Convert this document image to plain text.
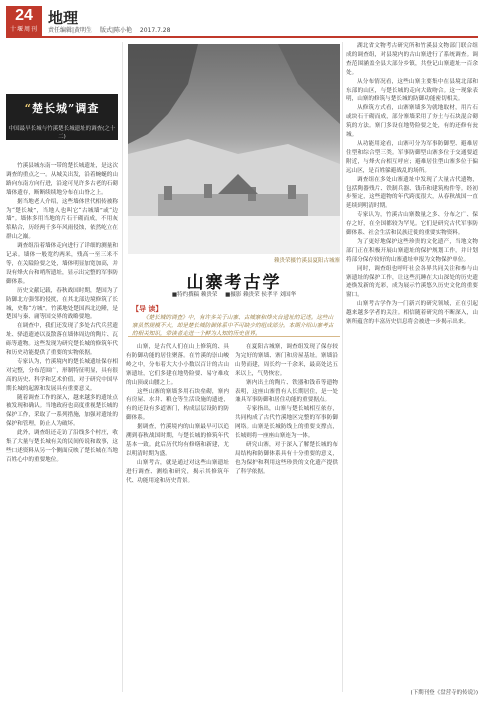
24
十堰周刊
地理
责任编辑|黄明生 版式|陈小艳 2017.7.28
“楚长城”调查
中国最早长城与竹溪楚长城遗址的调查(之十二)

竹溪县城东南一带的楚长城遗址，是这次调查的重点之一。从城关出发，沿着蜿蜒的山路向东南方向行进，沿途可见许多古老的石砌墙体遗存，断断续续地分布在山脊之上。

据当地老人介绍，这些墙体世代相传被称为“楚长城”，当地人也叫它“古城墙”或“边墙”。墙体多用当地的片石干砌而成，不用灰浆粘合，历经两千多年风雨侵蚀，依然屹立在群山之巅。

调查组沿着墙体走向进行了详细的测量和记录。墙体一般宽约两米，残高一至三米不等，在关隘险要之处，墙体明显加宽加高，并设有烽火台和哨所遗址，显示出完整的军事防御体系。

历史文献记载，春秋战国时期，楚国为了防御北方强邻的侵扰，在其北部边境修筑了长城，史称“方城”。竹溪地处楚国西北边陲，是楚国与秦、庸等国交界的战略要地。

在调查中，我们还发现了多处古代兵营遗址、驿道遗迹以及散落在墙体周边的陶片、瓦砾等遗物。这些发现为研究楚长城的修筑年代和历史功能提供了重要的实物依据。

专家认为，竹溪境内的楚长城遗址保存相对完整，分布范围广，形制特征明显，具有很高的历史、科学和艺术价值，对于研究中国早期长城的起源和发展具有重要意义。

随着调查工作的深入，越来越多的遗址点被发现和确认。当地政府也高度重视楚长城的保护工作，采取了一系列措施，加强对遗址的保护和管理，防止人为破坏。

此外，调查组还走访了沿线多个村庄，收集了大量与楚长城有关的民间传说和故事，这些口述资料从另一个侧面反映了楚长城在当地百姓心中的重要地位。

赖贵荣摄竹溪县夏阳古城寨
山寨考古学
■特约撰稿 赖贵荣 ■摄影 赖贵荣 侯孝平 刘国华
【导 读】
《楚长城的调查》中，有许多关于山寨、古城寨和烽火台遗址的记述。这些山寨虽然规模不大，却是楚长城防御体系中不可缺少的组成部分。本期介绍山寨考古的相关知识，带读者走进一个鲜为人知的历史世界。

山寨，是古代人们在山上修筑的、具有防御功能的居住聚落。在竹溪的崇山峻岭之中，分布着大大小小数以百计的古山寨遗址，它们多建在地势险要、易守难攻的山顶或山腰之上。

这些山寨的寨墙多用石块垒砌，寨内有房屋、水井、粮仓等生活设施的遗迹，有的还设有多道寨门，构成层层设防的防御体系。

据调查，竹溪境内的山寨最早可以追溯到春秋战国时期，与楚长城的修筑年代基本一致。此后历代均有修缮和新建，尤以明清时期为盛。

山寨考古，就是通过对这些山寨遗址进行调查、测绘和研究，揭示其修筑年代、功能用途和历史背景。

在夏阳古城寨，调查组发现了保存较为完好的寨墙、寨门和房屋基址。寨墙沿山势而建，周长约一千余米，最高处达五米以上，气势恢宏。

寨内出土的陶片、铁器和钱币等遗物表明，这座山寨曾有人长期居住，是一处兼具军事防御和居住功能的重要据点。

专家指出，山寨与楚长城相互依存，共同构成了古代竹溪地区完整的军事防御网络。山寨是长城防线上的重要支撑点，长城则将一座座山寨连为一体。

研究山寨，对于深入了解楚长城的布局结构和防御体系具有十分重要的意义，也为保护和利用这些珍贵的文化遗产提供了科学依据。

湖北省文物考古研究所和竹溪县文物部门联合组成的调查组，对县境内的古山寨进行了系统调查。调查范围涵盖全县大部分乡镇，共登记山寨遗址一百余处。

从分布情况看，这些山寨主要集中在县境北部和东部的山区，与楚长城的走向大致吻合。这一现象表明，山寨的修筑与楚长城的防御功能密切相关。

从修筑方式看，山寨寨墙多为就地取材，用片石或块石干砌而成，部分寨墙采用了夯土与石块混合砌筑的方法。寨门多设在地势险要之处，有的还修有瓮城。

从功能用途看，山寨可分为军事防御型、避难居住型和综合型三类。军事防御型山寨多位于交通要道附近，与烽火台相互呼应；避难居住型山寨多位于偏远山区，是百姓躲避战乱的场所。

调查组在多处山寨遗址中发现了大量古代遗物，包括陶器残片、铁制兵器、钱币和建筑构件等。经初步鉴定，这些遗物的年代跨度很大，从春秋战国一直延续到明清时期。

专家认为，竹溪古山寨数量之多、分布之广、保存之好，在全国都较为罕见。它们是研究古代军事防御体系、社会生活和民族迁徙的重要实物资料。

为了更好地保护这些珍贵的文化遗产，当地文物部门正在积极开展山寨遗址的保护规划工作，并计划将部分保存较好的山寨遗址申报为文物保护单位。

同时，调查组也呼吁社会各界共同关注和参与山寨遗址的保护工作，让这些沉睡在大山深处的历史遗迹焕发新的光彩，成为展示竹溪悠久历史文化的重要窗口。

山寨考古学作为一门新兴的研究领域，正在引起越来越多学者的关注。相信随着研究的不断深入，山寨所蕴含的丰富历史信息将会被进一步揭示出来。

(下期刊登《盘营寺的传说》)
